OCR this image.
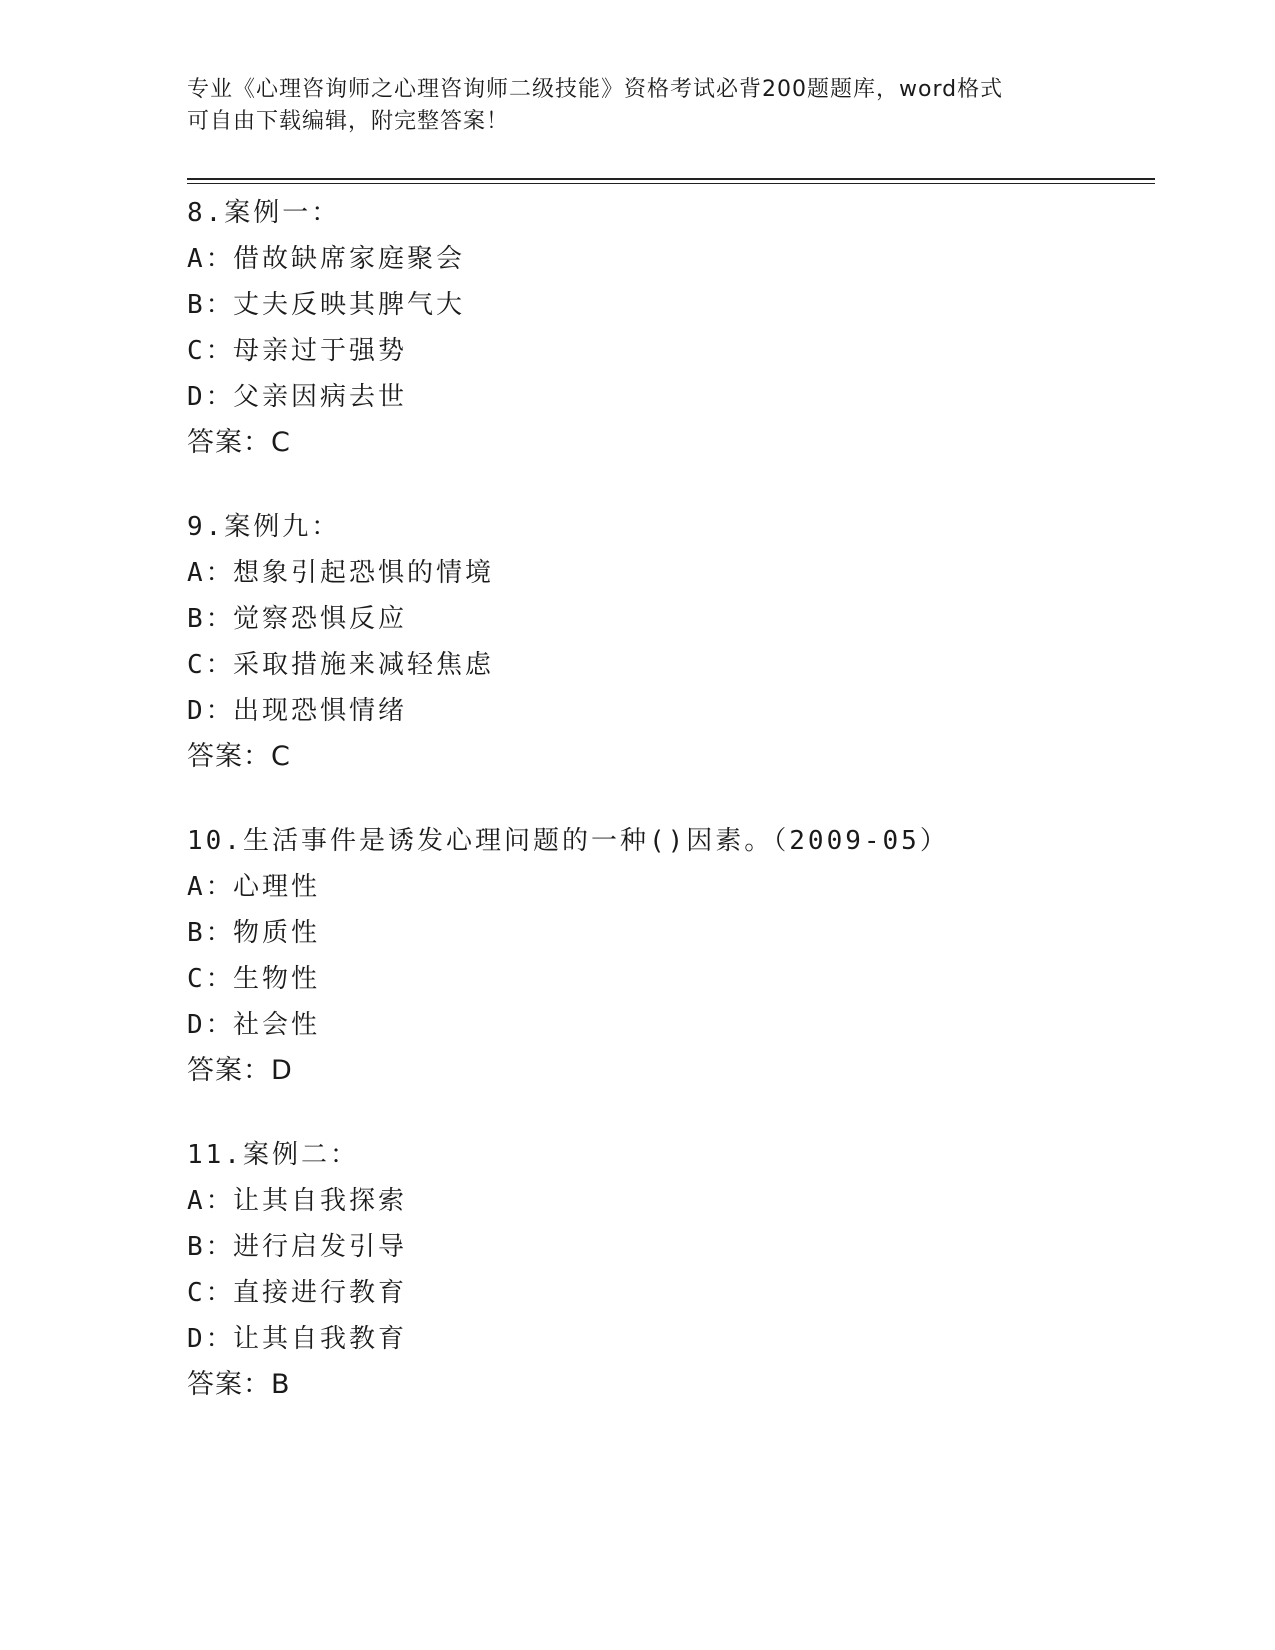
专业《心理咨询师之心理咨询师二级技能》资格考试必背200题题库，word格式
可自由下载编辑，附完整答案！
8.案例一：
A：借故缺席家庭聚会
B：丈夫反映其脾气大
C：母亲过于强势
D：父亲因病去世
答案：C
9.案例九：
A：想象引起恐惧的情境
B：觉察恐惧反应
C：采取措施来减轻焦虑
D：出现恐惧情绪
答案：C
10.生活事件是诱发心理问题的一种()因素。（2009-05）
A：心理性
B：物质性
C：生物性
D：社会性
答案：D
11.案例二：
A：让其自我探索
B：进行启发引导
C：直接进行教育
D：让其自我教育
答案：B
